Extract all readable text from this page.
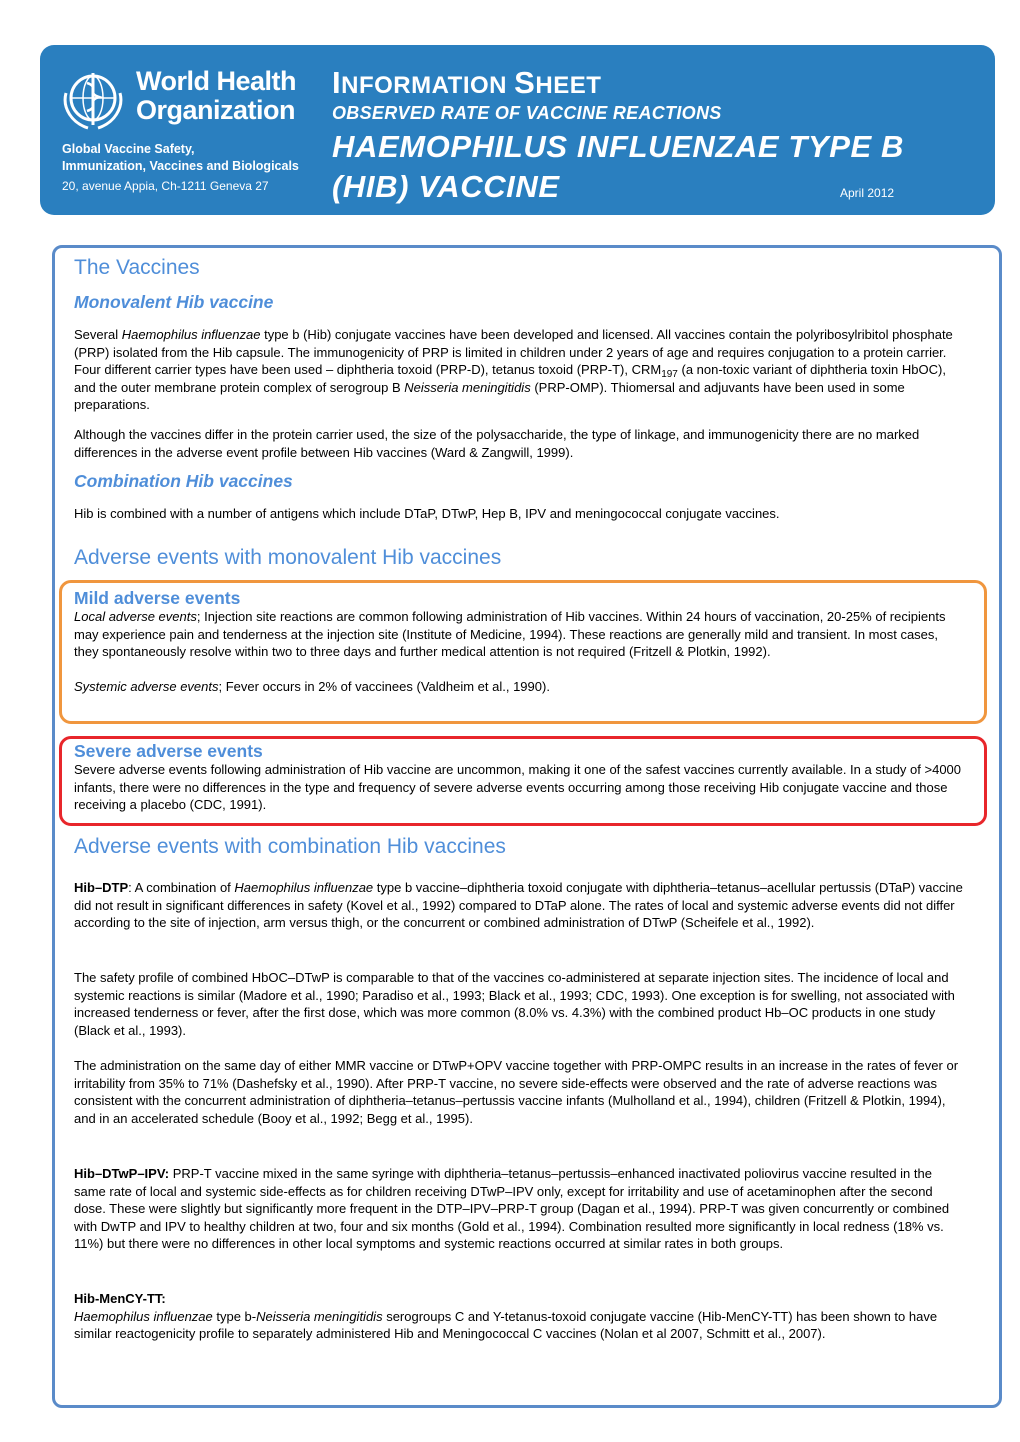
World Health
Organization
Global Vaccine Safety,
Immunization, Vaccines and Biologicals
20, avenue Appia, Ch-1211 Geneva 27
INFORMATION SHEET
OBSERVED RATE OF VACCINE REACTIONS
HAEMOPHILUS INFLUENZAE TYPE B
(HIB) VACCINE	April 2012
The Vaccines
Monovalent Hib vaccine

Several Haemophilus influenzae type b (Hib) conjugate vaccines have been developed and licensed. All vaccines contain the polyribosylribitol phosphate (PRP) isolated from the Hib capsule. The immunogenicity of PRP is limited in children under 2 years of age and requires conjugation to a protein carrier. Four different carrier types have been used – diphtheria toxoid (PRP-D), tetanus toxoid (PRP-T), $CRM_{197}$ (a non-toxic variant of diphtheria toxin HbOC), and the outer membrane protein complex of serogroup B Neisseria meningitidis (PRP-OMP). Thiomersal and adjuvants have been used in some preparations.

Although the vaccines differ in the protein carrier used, the size of the polysaccharide, the type of linkage, and immunogenicity there are no marked differences in the adverse event profile between Hib vaccines (Ward & Zangwill, 1999).

Combination Hib vaccines

Hib is combined with a number of antigens which include DTaP, DTwP, Hep B, IPV and meningococcal conjugate vaccines.

Adverse events with monovalent Hib vaccines
Mild adverse events

Local adverse events; Injection site reactions are common following administration of Hib vaccines. Within 24 hours of vaccination, 20-25% of recipients may experience pain and tenderness at the injection site (Institute of Medicine, 1994). These reactions are generally mild and transient. In most cases, they spontaneously resolve within two to three days and further medical attention is not required (Fritzell & Plotkin, 1992).

Systemic adverse events; Fever occurs in 2% of vaccinees (Valdheim et al., 1990).

Severe adverse events

Severe adverse events following administration of Hib vaccine are uncommon, making it one of the safest vaccines currently available. In a study of >4000 infants, there were no differences in the type and frequency of severe adverse events occurring among those receiving Hib conjugate vaccine and those receiving a placebo (CDC, 1991).

Adverse events with combination Hib vaccines

Hib–DTP: A combination of Haemophilus influenzae type b vaccine–diphtheria toxoid conjugate with diphtheria–tetanus–acellular pertussis (DTaP) vaccine did not result in significant differences in safety (Kovel et al., 1992) compared to DTaP alone. The rates of local and systemic adverse events did not differ according to the site of injection, arm versus thigh, or the concurrent or combined administration of DTwP (Scheifele et al., 1992).

The safety profile of combined HbOC–DTwP is comparable to that of the vaccines co-administered at separate injection sites. The incidence of local and systemic reactions is similar (Madore et al., 1990; Paradiso et al., 1993; Black et al., 1993; CDC, 1993). One exception is for swelling, not associated with increased tenderness or fever, after the first dose, which was more common (8.0% vs. 4.3%) with the combined product Hb–OC products in one study (Black et al., 1993).

The administration on the same day of either MMR vaccine or DTwP+OPV vaccine together with PRP-OMPC results in an increase in the rates of fever or irritability from 35% to 71% (Dashefsky et al., 1990). After PRP-T vaccine, no severe side-effects were observed and the rate of adverse reactions was consistent with the concurrent administration of diphtheria–tetanus–pertussis vaccine infants (Mulholland et al., 1994), children (Fritzell & Plotkin, 1994), and in an accelerated schedule (Booy et al., 1992; Begg et al., 1995).

Hib–DTwP–IPV: PRP-T vaccine mixed in the same syringe with diphtheria–tetanus–pertussis–enhanced inactivated poliovirus vaccine resulted in the same rate of local and systemic side-effects as for children receiving DTwP–IPV only, except for irritability and use of acetaminophen after the second dose. These were slightly but significantly more frequent in the DTP–IPV–PRP-T group (Dagan et al., 1994). PRP-T was given concurrently or combined with DwTP and IPV to healthy children at two, four and six months (Gold et al., 1994). Combination resulted more significantly in local redness (18% vs. 11%) but there were no differences in other local symptoms and systemic reactions occurred at similar rates in both groups.

Hib-MenCY-TT:

Haemophilus influenzae type b-Neisseria meningitidis serogroups C and Y-tetanus-toxoid conjugate vaccine (Hib-MenCY-TT) has been shown to have similar reactogenicity profile to separately administered Hib and Meningococcal C vaccines (Nolan et al 2007, Schmitt et al., 2007).
